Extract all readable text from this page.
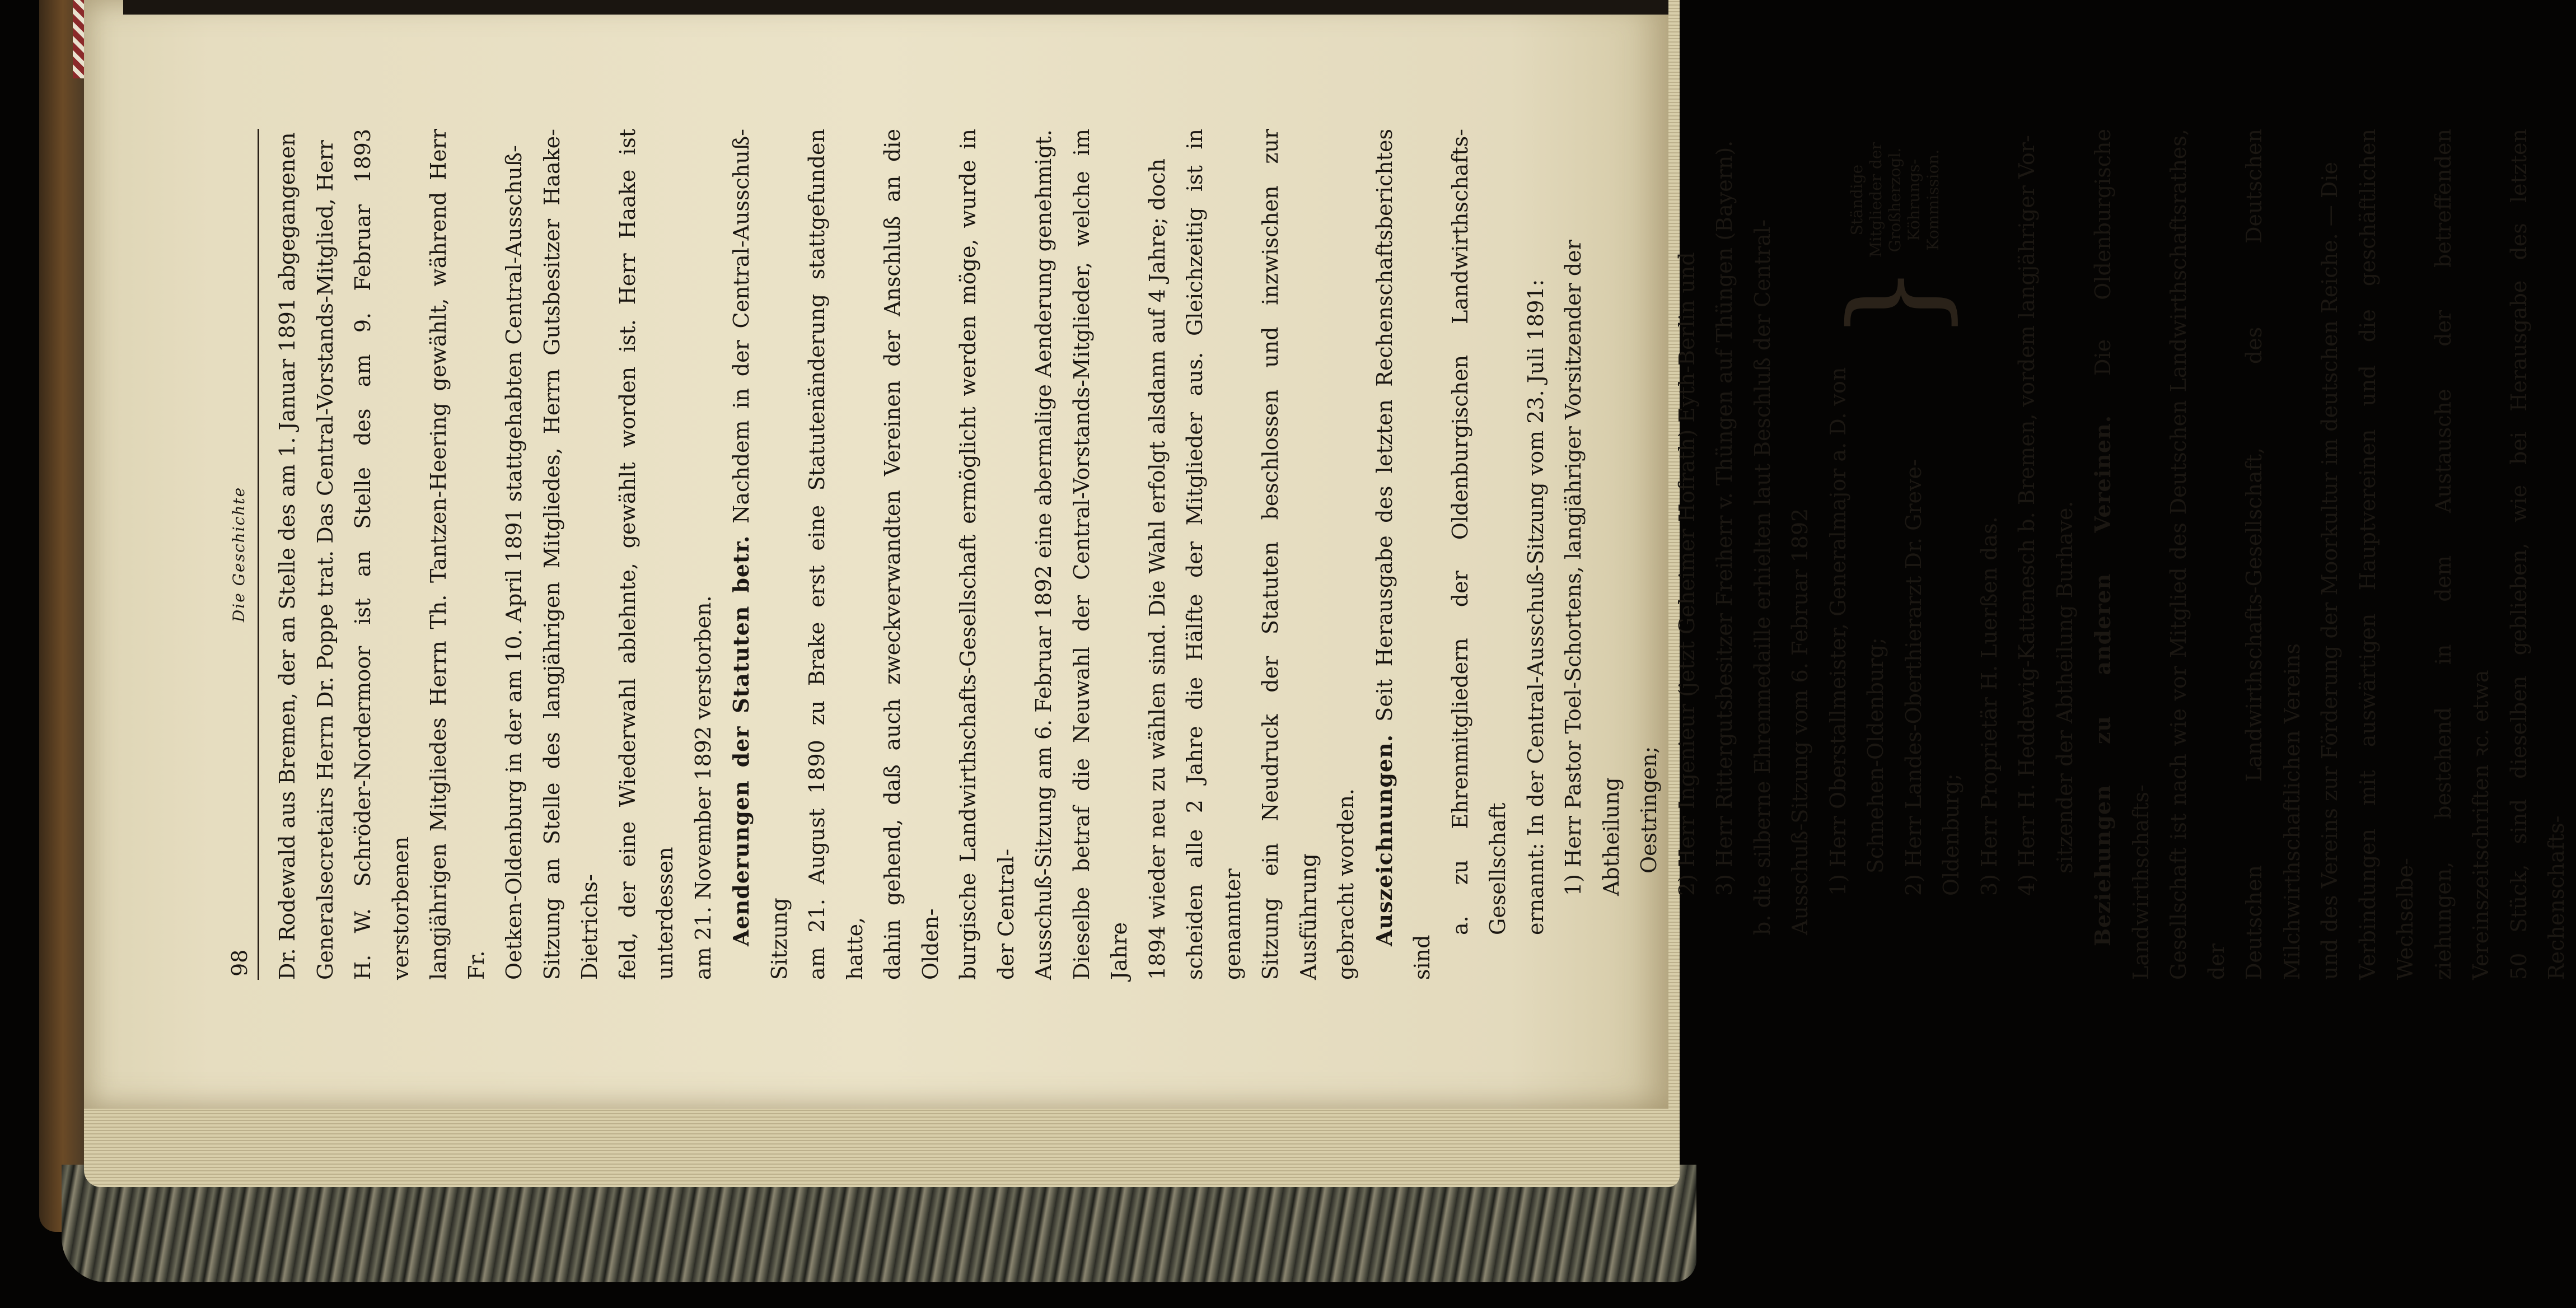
98
Die Geschichte Dr. Rodewald aus Bremen, der an Stelle des am 1. Januar 1891 abgegangenen Generalsecretairs Herrn Dr. Poppe trat. Das Central-Vorstands-Mitglied, Herr H. W. Schröder-Nordermoor ist an Stelle des am 9. Februar 1893 verstorbenen langjährigen Mitgliedes Herrn Th. Tantzen-Heering gewählt, während Herr Fr. Oetken-Oldenburg in der am 10. April 1891 stattgehabten Central-Ausschuß- Sitzung an Stelle des langjährigen Mitgliedes, Herrn Gutsbesitzer Haake-Dietrichs- feld, der eine Wiederwahl ablehnte, gewählt worden ist. Herr Haake ist unterdessen am 21. November 1892 verstorben. Aenderungen der Statuten betr. Nachdem in der Central-Ausschuß-Sitzung am 21. August 1890 zu Brake erst eine Statutenänderung stattgefunden hatte, dahin gehend, daß auch zweckverwandten Vereinen der Anschluß an die Olden- burgische Landwirthschafts-Gesellschaft ermöglicht werden möge, wurde in der Central- Ausschuß-Sitzung am 6. Februar 1892 eine abermalige Aenderung genehmigt. Dieselbe betraf die Neuwahl der Central-Vorstands-Mitglieder, welche im Jahre 1894 wieder neu zu wählen sind. Die Wahl erfolgt alsdann auf 4 Jahre; doch scheiden alle 2 Jahre die Hälfte der Mitglieder aus. Gleichzeitig ist in genannter Sitzung ein Neudruck der Statuten beschlossen und inzwischen zur Ausführung gebracht worden. Auszeichnungen. Seit Herausgabe des letzten Rechenschaftsberichtes sind

a. zu Ehrenmitgliedern der Oldenburgischen Landwirthschafts-Gesellschaft ernannt: In der Central-Ausschuß-Sitzung vom 23. Juli 1891: 1) Herr Pastor Toel-Schortens, langjähriger Vorsitzender der Abtheilung Oestringen; 2) Herr Ingenieur (jetzt Geheimer Hofrath) Eyth-Berlin und 3) Herr Rittergutsbesitzer Freiherr v. Thüngen auf Thüngen (Bayern). b. die silberne Ehrenmedaille erhielten laut Beschluß der Central- Ausschuß-Sitzung vom 6. Februar 1892 1) Herr Oberstallmeister, Generalmajor a. D. von Schnehen-Oldenburg; 2) Herr Landes-Oberthierarzt Dr. Greve-Oldenburg; 3) Herr Proprietär H. Luerßen das.
}
Ständige Mitglieder der Großherzogl. Köhrungs- Kommission.	4) Herr H. Heddewig-Kattenesch b. Bremen, vordem langjähriger Vor- sitzender der Abtheilung Burhave. Beziehungen zu anderen Vereinen. Die Oldenburgische Landwirthschafts- Gesellschaft ist nach wie vor Mitglied des Deutschen Landwirthschaftsrathes, der Deutschen Landwirthschafts-Gesellschaft, des Deutschen Milchwirthschaftlichen Vereins und des Vereins zur Förderung der Moorkultur im deutschen Reiche. — Die Verbindungen mit auswärtigen Hauptvereinen und die geschäftlichen Wechselbe- ziehungen, bestehend in dem Austausche der betreffenden Vereinszeitschriften ꝛc. etwa 50 Stück, sind dieselben geblieben, wie bei Herausgabe des letzten Rechenschafts-
